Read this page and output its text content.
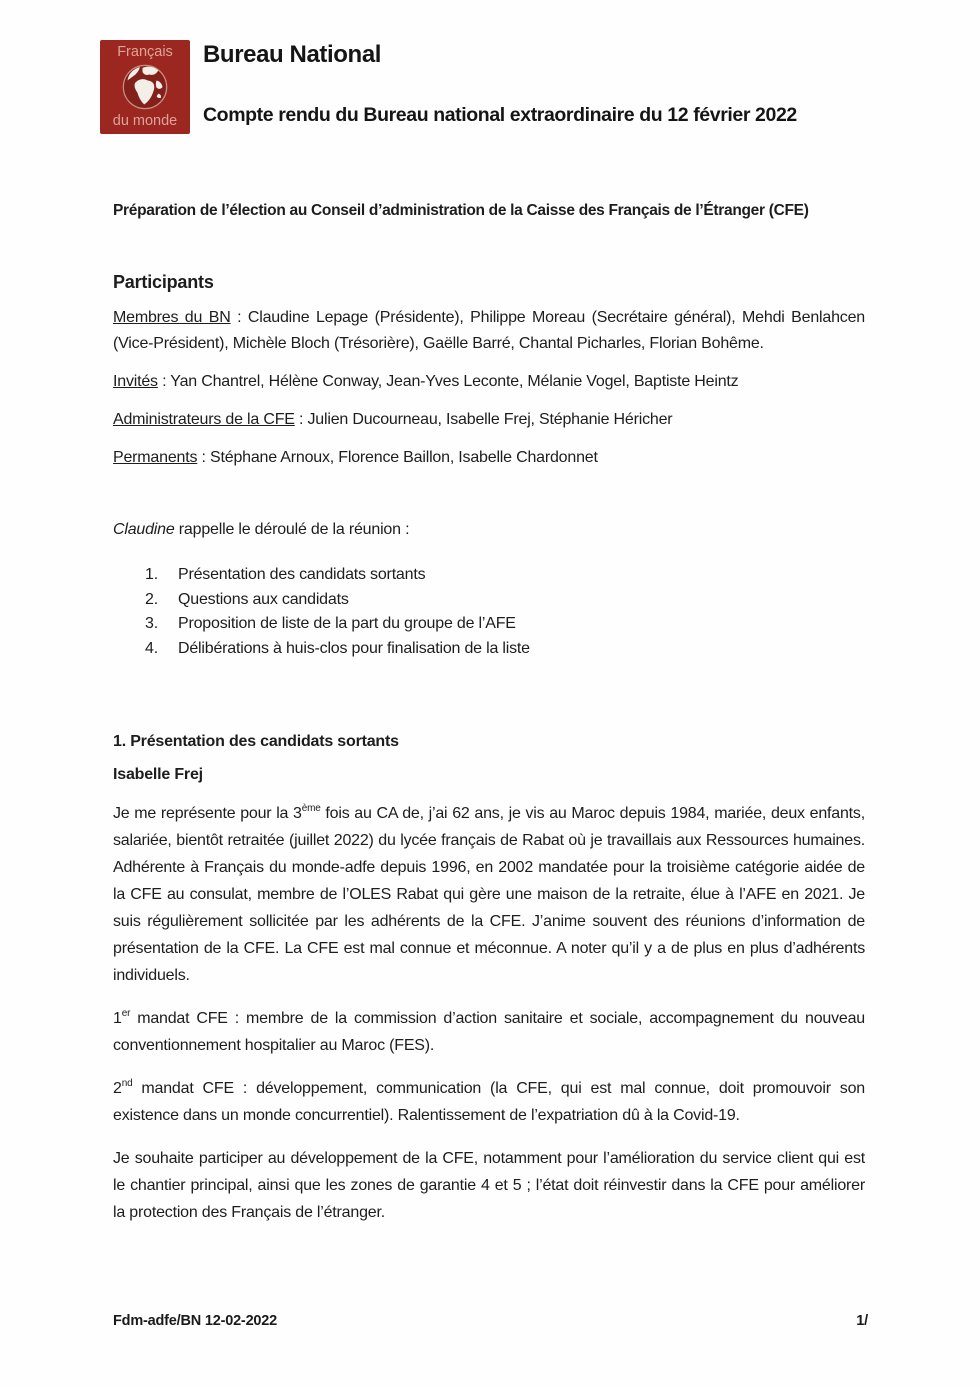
Français
du monde
Bureau National
Compte rendu du Bureau national extraordinaire du 12 février 2022

Préparation de l’élection au Conseil d’administration de la Caisse des Français de l’Étranger (CFE)

Participants

Membres du BN : Claudine Lepage (Présidente), Philippe Moreau (Secrétaire général), Mehdi Benlahcen (Vice-Président), Michèle Bloch (Trésorière), Gaëlle Barré, Chantal Picharles, Florian Bohême.

Invités : Yan Chantrel, Hélène Conway, Jean-Yves Leconte, Mélanie Vogel, Baptiste Heintz

Administrateurs de la CFE : Julien Ducourneau, Isabelle Frej, Stéphanie Héricher

Permanents : Stéphane Arnoux, Florence Baillon, Isabelle Chardonnet

Claudine rappelle le déroulé de la réunion :

1.	Présentation des candidats sortants
2.	Questions aux candidats
3.	Proposition de liste de la part du groupe de l’AFE
4.	Délibérations à huis-clos pour finalisation de la liste
1. Présentation des candidats sortants

Isabelle Frej

Je me représente pour la 3ème fois au CA de, j’ai 62 ans, je vis au Maroc depuis 1984, mariée, deux enfants, salariée, bientôt retraitée (juillet 2022) du lycée français de Rabat où je travaillais aux Ressources humaines. Adhérente à Français du monde-adfe depuis 1996, en 2002 mandatée pour la troisième catégorie aidée de la CFE au consulat, membre de l’OLES Rabat qui gère une maison de la retraite, élue à l’AFE en 2021. Je suis régulièrement sollicitée par les adhérents de la CFE. J’anime souvent des réunions d’information de présentation de la CFE. La CFE est mal connue et méconnue. A noter qu’il y a de plus en plus d’adhérents individuels.

1er mandat CFE : membre de la commission d’action sanitaire et sociale, accompagnement du nouveau conventionnement hospitalier au Maroc (FES).

2nd mandat CFE : développement, communication (la CFE, qui est mal connue, doit promouvoir son existence dans un monde concurrentiel). Ralentissement de l’expatriation dû à la Covid-19.

Je souhaite participer au développement de la CFE, notamment pour l’amélioration du service client qui est le chantier principal, ainsi que les zones de garantie 4 et 5 ; l’état doit réinvestir dans la CFE pour améliorer la protection des Français de l’étranger.

Fdm-adfe/BN 12-02-2022	1/
